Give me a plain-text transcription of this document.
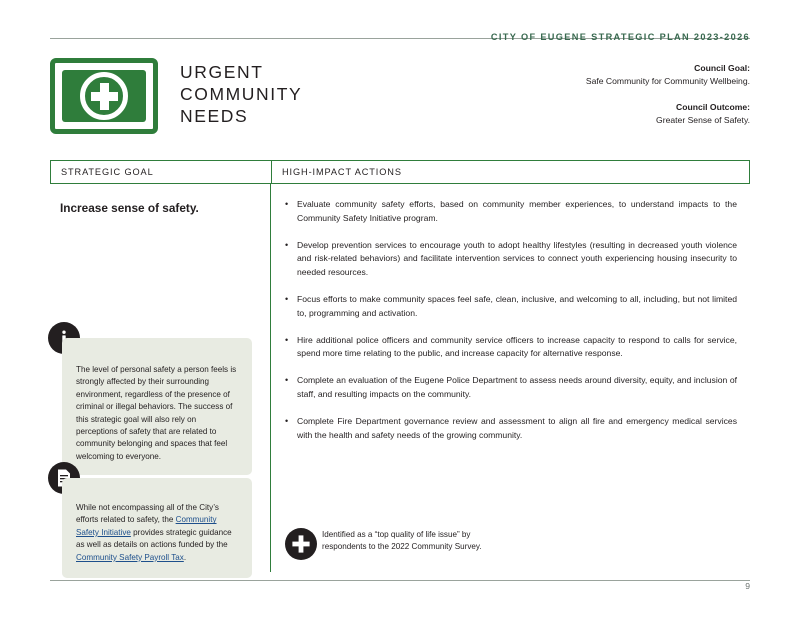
CITY OF EUGENE STRATEGIC PLAN 2023-2026
URGENT
COMMUNITY
NEEDS
Council Goal:
Safe Community for Community Wellbeing.
Council Outcome:
Greater Sense of Safety.
STRATEGIC GOAL	HIGH-IMPACT ACTIONS
Increase sense of safety.
The level of personal safety a person feels is strongly affected by their surrounding environment, regardless of the presence of criminal or illegal behaviors. The success of this strategic goal will also rely on perceptions of safety that are related to community belonging and spaces that feel welcoming to everyone.
While not encompassing all of the City’s efforts related to safety, the Community Safety Initiative provides strategic guidance as well as details on actions funded by the Community Safety Payroll Tax.
•	Evaluate community safety efforts, based on community member experiences, to understand impacts to the Community Safety Initiative program.
•	Develop prevention services to encourage youth to adopt healthy lifestyles (resulting in decreased youth violence and risk-related behaviors) and facilitate intervention services to connect youth experiencing housing insecurity to needed resources.
•	Focus efforts to make community spaces feel safe, clean, inclusive, and welcoming to all, including, but not limited to, programming and activation.
•	Hire additional police officers and community service officers to increase capacity to respond to calls for service, spend more time relating to the public, and increase capacity for alternative response.
•	Complete an evaluation of the Eugene Police Department to assess needs around diversity, equity, and inclusion of staff, and resulting impacts on the community.
•	Complete Fire Department governance review and assessment to align all fire and emergency medical services with the health and safety needs of the growing community.
Identified as a “top quality of life issue” by respondents to the 2022 Community Survey.
9
